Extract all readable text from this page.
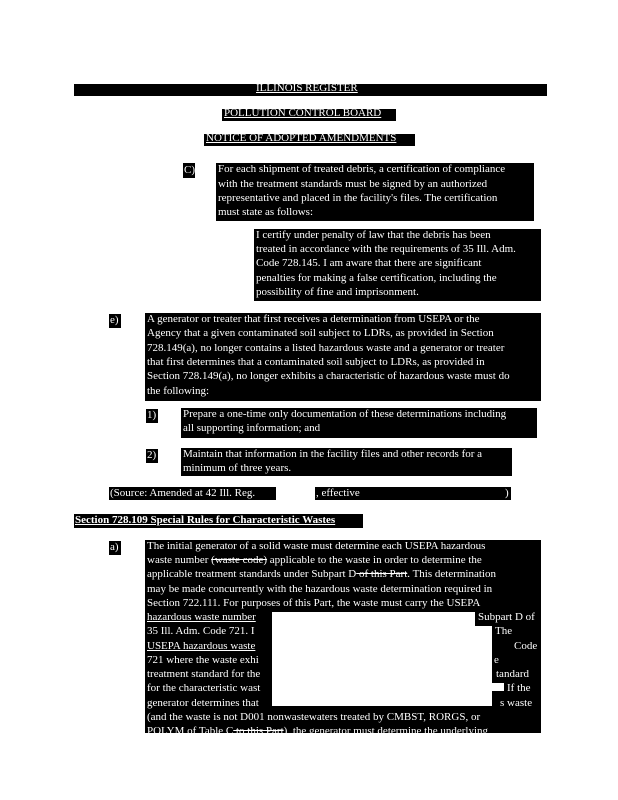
ILLINOIS REGISTER
POLLUTION CONTROL BOARD
NOTICE OF ADOPTED AMENDMENTS
C) For each shipment of treated debris, a certification of compliance
with the treatment standards must be signed by an authorized
representative and placed in the facility's files. The certification
must state as follows:
I certify under penalty of law that the debris has been
treated in accordance with the requirements of 35 Ill. Adm.
Code 728.145. I am aware that there are significant
penalties for making a false certification, including the
possibility of fine and imprisonment.
e)	A generator or treater that first receives a determination from USEPA or the
Agency that a given contaminated soil subject to LDRs, as provided in Section
728.149(a), no longer contains a listed hazardous waste and a generator or treater
that first determines that a contaminated soil subject to LDRs, as provided in
Section 728.149(a), no longer exhibits a characteristic of hazardous waste must do
the following:
1) Prepare a one-time only documentation of these determinations including
all supporting information; and
2) Maintain that information in the facility files and other records for a
minimum of three years.
(Source: Amended at 42 Ill. Reg.	, effective	)
Section 728.109 Special Rules for Characteristic Wastes
a)	The initial generator of a solid waste must determine each USEPA hazardous
waste number (waste code) applicable to the waste in order to determine the
applicable treatment standards under Subpart D of this Part. This determination
may be made concurrently with the hazardous waste determination required in
Section 722.111. For purposes of this Part, the waste must carry the USEPA
hazardous waste number	Subpart D of
35 Ill. Adm. Code 721. I	The
USEPA hazardous waste	Code
721 where the waste exhi	e
treatment standard for the	tandard
for the characteristic wast	If the
generator determines that	s waste
(and the waste is not D001 nonwastewaters treated by CMBST, RORGS, or
POLYM of Table C to this Part), the generator must determine the underlying
